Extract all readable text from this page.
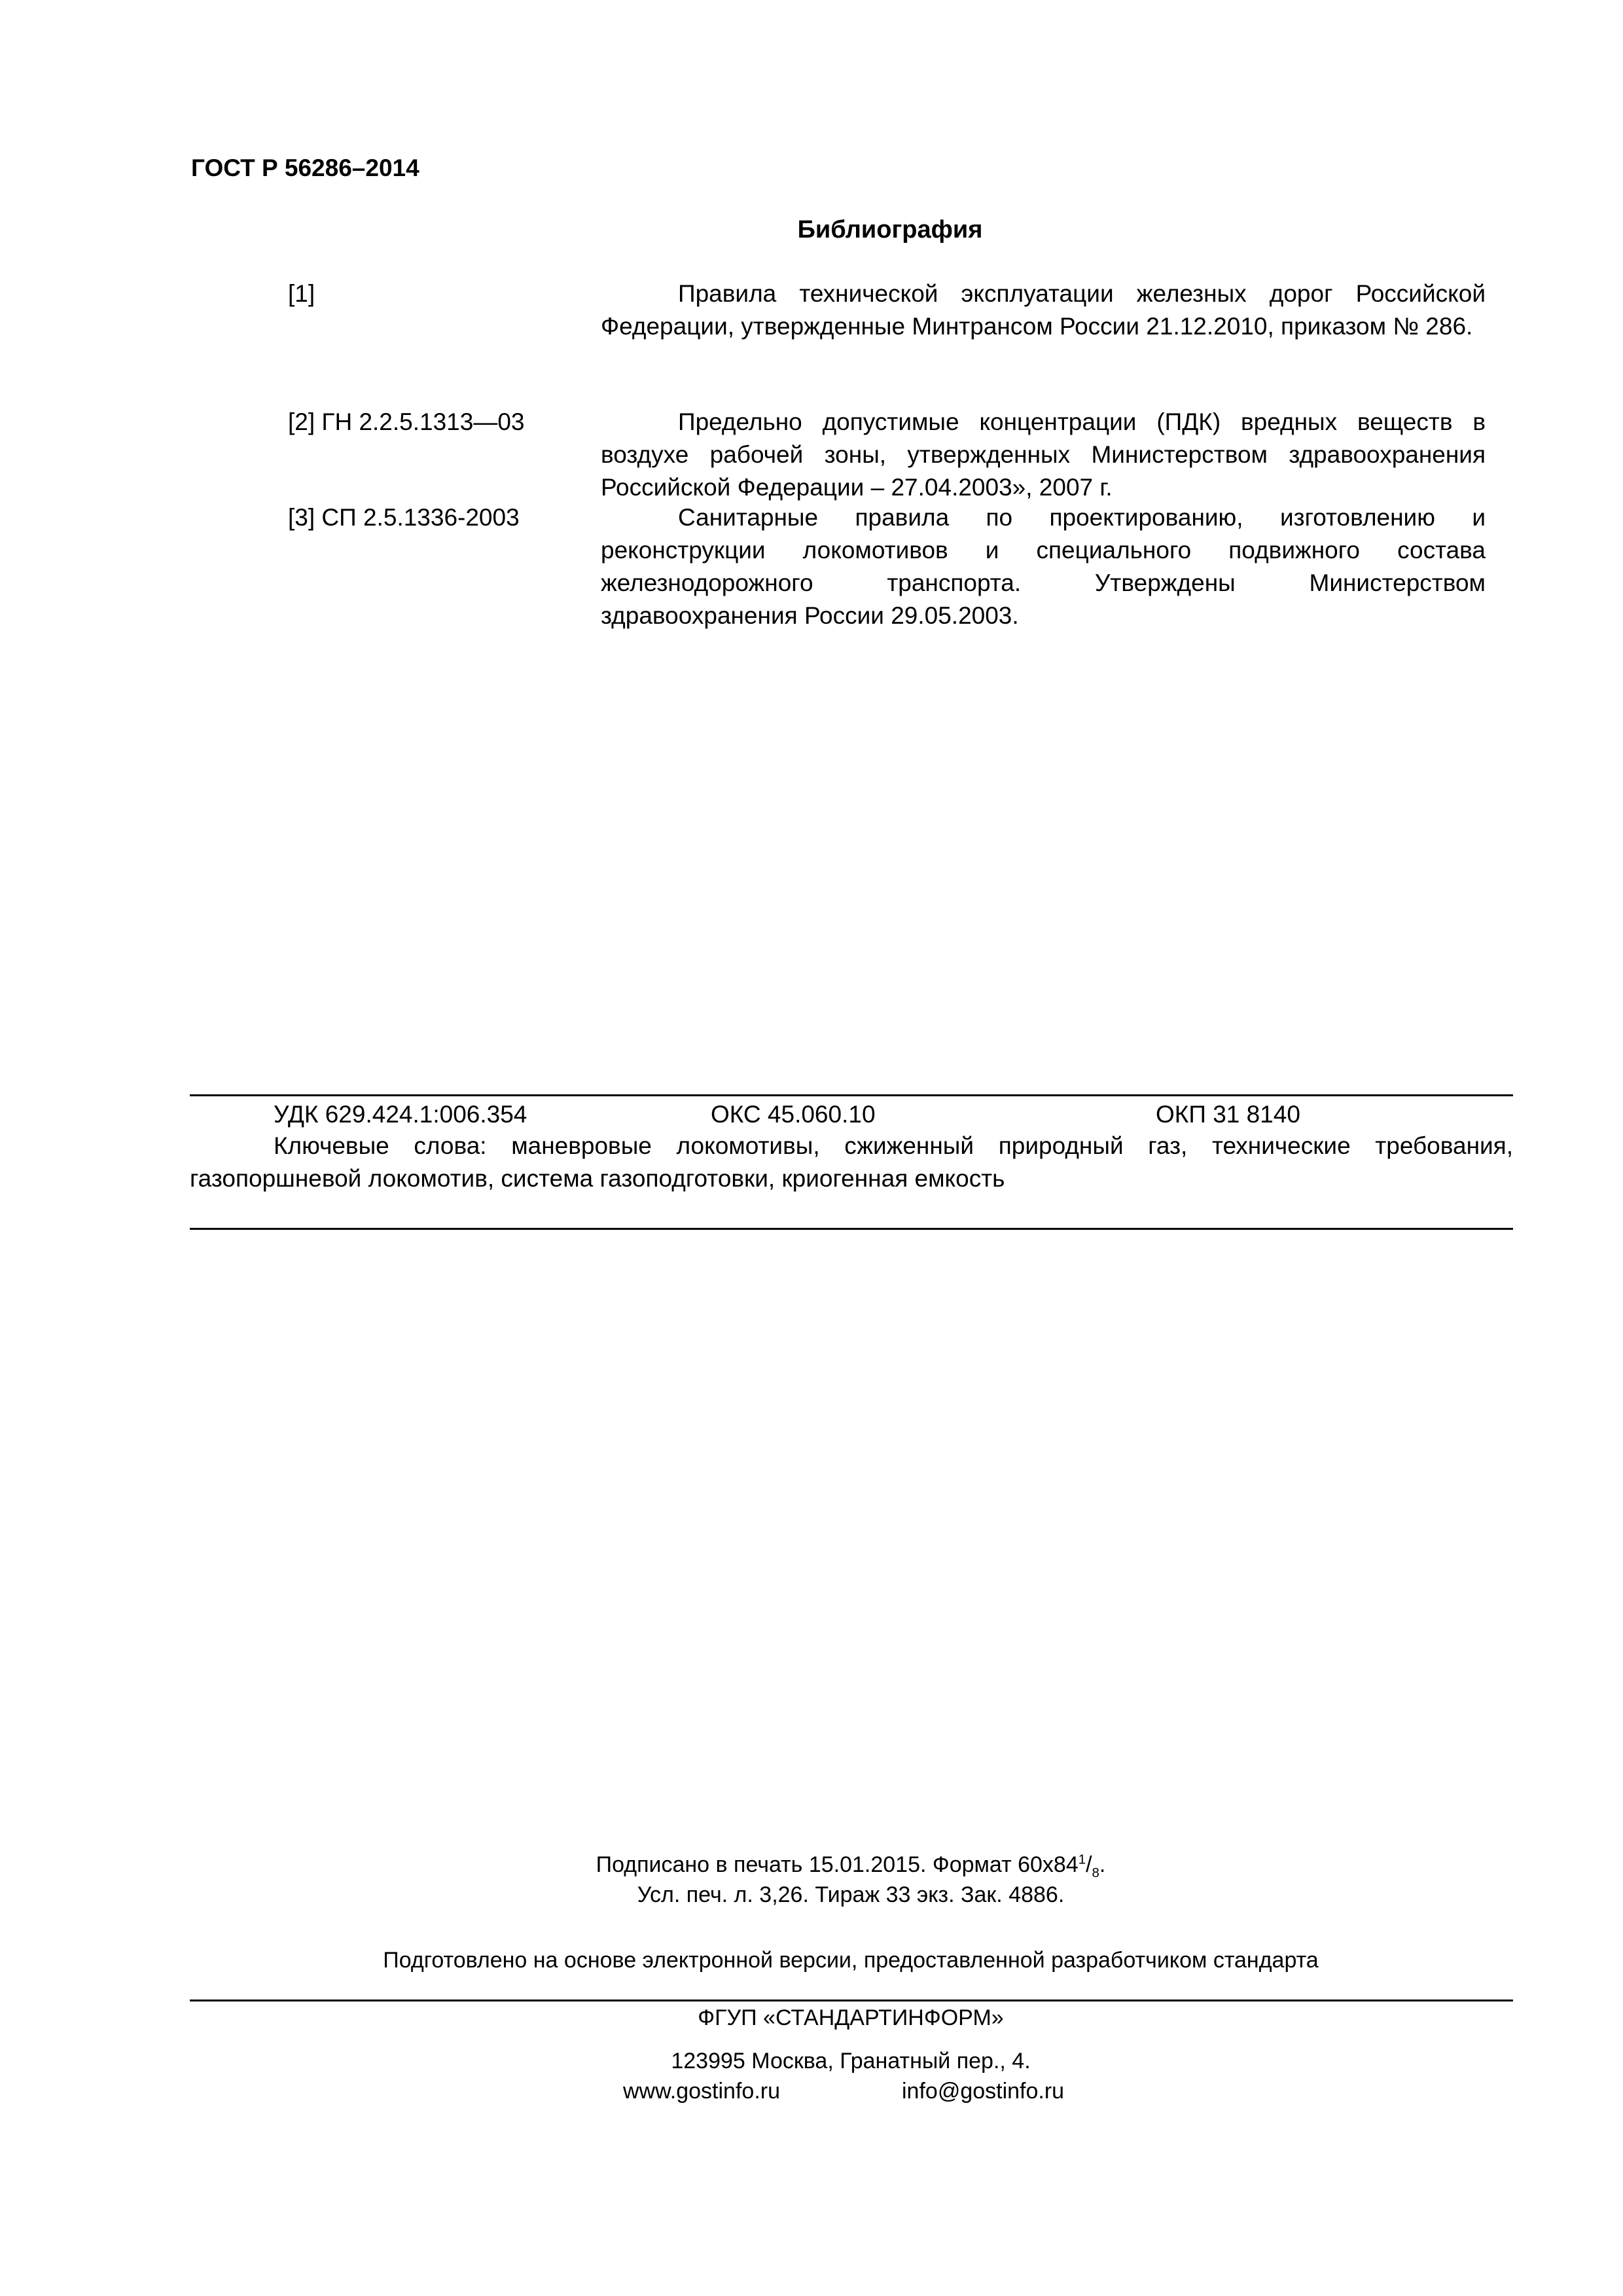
ГОСТ Р 56286–2014
Библиография
[1]	Правила технической эксплуатации железных дорог Российской Федерации, утвержденные Минтрансом России 21.12.2010, приказом № 286.
[2] ГН 2.2.5.1313—03	Предельно допустимые концентрации (ПДК) вредных веществ в воздухе рабочей зоны, утвержденных Министерством здравоохранения Российской Федерации – 27.04.2003», 2007 г.
[3] СП 2.5.1336-2003	Санитарные правила по проектированию, изготовлению и реконструкции локомотивов и специального подвижного состава железнодорожного транспорта. Утверждены Министерством здравоохранения России 29.05.2003.
УДК 629.424.1:006.354	ОКС 45.060.10	ОКП 31 8140
Ключевые слова: маневровые локомотивы, сжиженный природный газ, технические требования, газопоршневой локомотив, система газоподготовки, криогенная емкость
Подписано в печать 15.01.2015. Формат $60х84^1/_8$.
Усл. печ. л. 3,26. Тираж 33 экз. Зак. 4886.
Подготовлено на основе электронной версии, предоставленной разработчиком стандарта
ФГУП «СТАНДАРТИНФОРМ»
123995 Москва, Гранатный пер., 4.
www.gostinfo.ru	info@gostinfo.ru
